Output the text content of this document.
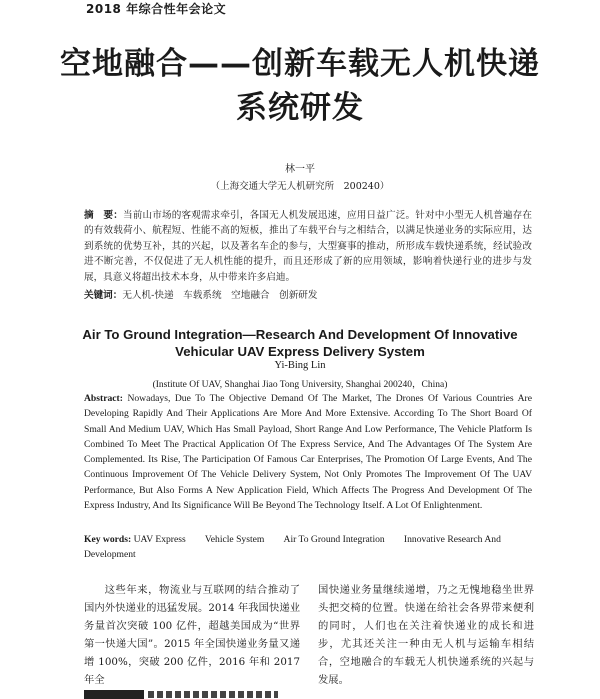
2018 年综合性年会论文
空地融合——创新车载无人机快递
系统研发
林一平
（上海交通大学无人机研究所　200240）
摘　要：当前山市场的客观需求牵引，各国无人机发展迅速，应用日益广泛。针对中小型无人机普遍存在的有效载荷小、航程短、性能不高的短板，推出了车载平台与之相结合，以满足快递业务的实际应用，达到系统的优势互补，其的兴起，以及著名车企的参与，大型赛事的推动，所形成车载快递系统，经试验改进不断完善，不仅促进了无人机性能的提升，而且还形成了新的应用领域，影响着快递行业的进步与发展，具意义将超出技术本身，从中带来许多启迪。
关键词：无人机-快递　车载系统　空地融合　创新研发
Air To Ground Integration—Research And Development Of Innovative
Vehicular UAV Express Delivery System
Yi-Bing Lin
(Institute Of UAV, Shanghai Jiao Tong University, Shanghai 200240，China)
Abstract: Nowadays, Due To The Objective Demand Of The Market, The Drones Of Various Countries Are Developing Rapidly And Their Applications Are More And More Extensive. According To The Short Board Of Small And Medium UAV, Which Has Small Payload, Short Range And Low Performance, The Vehicle Platform Is Combined To Meet The Practical Application Of The Express Service, And The Advantages Of The System Are Complemented. Its Rise, The Participation Of Famous Car Enterprises, The Promotion Of Large Events, And The Continuous Improvement Of The Vehicle Delivery System, Not Only Promotes The Improvement Of The UAV Performance, But Also Forms A New Application Field, Which Affects The Progress And Development Of The Express Industry, And Its Significance Will Be Beyond The Technology Itself. A Lot Of Enlightenment.
Key words: UAV Express　　Vehicle System　　Air To Ground Integration　　Innovative Research And Development
这些年来，物流业与互联网的结合推动了国内外快递业的迅猛发展。2014 年我国快递业务量首次突破 100 亿件，超越美国成为“世界第一快递大国”。2015 年全国快递业务量又递增 100%，突破 200 亿件，2016 年和 2017 年全
国快递业务量继续递增，乃之无愧地稳坐世界头把交椅的位置。快递在给社会各界带来便利的同时，人们也在关注着快递业的成长和进步，尤其还关注一种由无人机与运输车相结合，空地融合的车载无人机快递系统的兴起与发展。
